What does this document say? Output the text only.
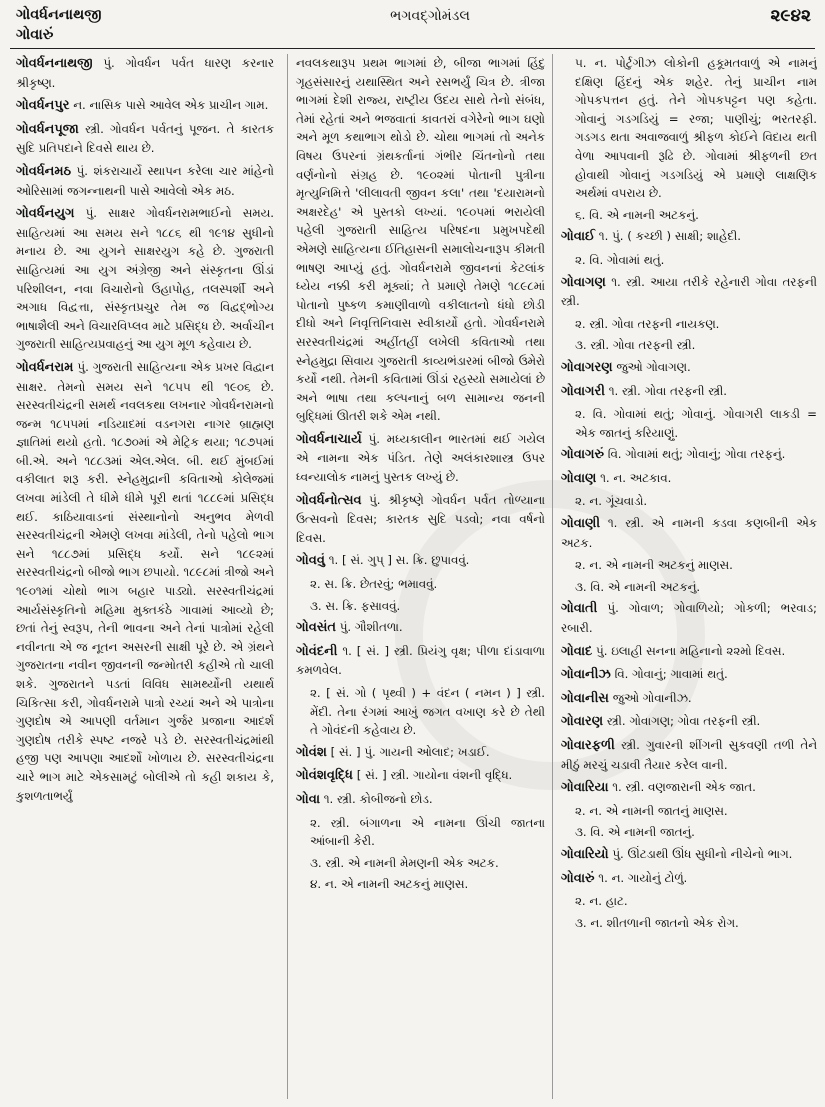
ગોવર્ધનનાથજી
ગોવારું
ભગવદ્ગોમંડલ	૨૯૪૨
ગોવર્ધનનાથજી પું. ગોવર્ધન પર્વત ધારણ કરનાર શ્રીકૃષ્ણ.
ગોવર્ધનપુર ન. નાસિક પાસે આવેલ એક પ્રાચીન ગામ.
ગોવર્ધનપૂજા સ્ત્રી. ગોવર્ધન પર્વતનું પૂજન. તે કારતક સુદિ પ્રતિપદાને દિવસે થાય છે.
ગોવર્ધનમઠ પું. શંકરાચાર્યે સ્થાપન કરેલા ચાર માંહેનો ઓરિસામાં જગન્નાથની પાસે આવેલો એક મઠ.
ગોવર્ધનયુગ પું. સાક્ષર ગોવર્ધનરામભાઈનો સમય. સાહિત્યમાં આ સમય સને ૧૮૮૬ થી ૧૯૧૪ સુધીનો મનાય છે. આ યુગને સાક્ષરયુગ કહે છે. ગુજરાતી સાહિત્યમાં આ યુગ અંગ્રેજી અને સંસ્કૃતના ઊંડાં પરિશીલન, નવા વિચારોનો ઉહાપોહ, તલસ્પર્શી અને અગાધ વિદ્વત્તા, સંસ્કૃતપ્રચુર તેમ જ વિદ્વદ્ભોગ્ય ભાષાશૈલી અને વિચારવિપ્લવ માટે પ્રસિદ્ધ છે. અર્વાચીન ગુજરાતી સાહિત્યપ્રવાહનું આ યુગ મૂળ કહેવાય છે.
ગોવર્ધનરામ પું. ગુજરાતી સાહિત્યના એક પ્રખર વિદ્વાન સાક્ષર. તેમનો સમય સને ૧૮૫૫ થી ૧૯૦૬ છે. સરસ્વતીચંદ્રની સમર્થ નવલકથા લખનાર ગોવર્ધનરામનો જન્મ ૧૮૫૫માં નડિયાદમાં વડનગરા નાગર બ્રાહ્મણ જ્ઞાતિમાં થયો હતો. ૧૮૭૦માં એ મેટ્રિક થયા; ૧૮૭૫માં બી.એ. અને ૧૮૮૩માં એલ.એલ. બી. થઈ મુંબઈમાં વકીલાત શરૂ કરી. સ્નેહમુદ્રાની કવિતાઓ કોલેજમાં લખવા માંડેલી તે ધીમે ધીમે પૂરી થતાં ૧૮૮૯માં પ્રસિદ્ધ થઈ. કાઠિયાવાડનાં સંસ્થાનોનો અનુભવ મેળવી સરસ્વતીચંદ્રની એમણે લખવા માંડેલી, તેનો પહેલો ભાગ સને ૧૮૮૭માં પ્રસિદ્ધ કર્યો. સને ૧૮૯૨માં સરસ્વતીચંદ્રનો બીજો ભાગ છપાયો. ૧૮૯૮માં ત્રીજો અને ૧૯૦૧માં ચોથો ભાગ બહાર પાડ્યો. સરસ્વતીચંદ્રમાં આર્યસંસ્કૃતિનો મહિમા મુક્તકંઠે ગાવામાં આવ્યો છે; છતાં તેનું સ્વરૂપ, તેની ભાવના અને તેનાં પાત્રોમાં રહેલી નવીનતા એ જ નૂતન અસરની સાક્ષી પૂરે છે. એ ગ્રંથને ગુજરાતના નવીન જીવનની જન્મોતરી કહીએ તો ચાલી શકે. ગુજરાતને પડતાં વિવિધ સામર્થ્યોની યથાર્થ ચિકિત્સા કરી, ગોવર્ધનરામે પાત્રો રચ્યાં અને એ પાત્રોના ગુણદોષ એ આપણી વર્તમાન ગુર્જર પ્રજાના આદર્શ ગુણદોષ તરીકે સ્પષ્ટ નજરે પડે છે. સરસ્વતીચંદ્રમાંથી હજી પણ આપણા આદર્શો ખોળાય છે. સરસ્વતીચંદ્રના ચારે ભાગ માટે એકસામટું બોલીએ તો કહી શકાય કે, કુશળતાભર્યું
નવલકથારૂપ પ્રથમ ભાગમાં છે, બીજા ભાગમાં હિંદુ ગૃહસંસારનું યથાસ્થિત અને રસભર્યું ચિત્ર છે. ત્રીજા ભાગમાં દેશી રાજ્ય, રાષ્ટ્રીય ઉદય સાથે તેનો સંબંધ, તેમાં રહેતાં અને ભજવાતાં કાવતરાં વગેરેનો ભાગ ઘણો અને મૂળ કથાભાગ થોડો છે. ચોથા ભાગમાં તો અનેક વિષય ઉપરનાં ગ્રંથકર્તાનાં ગંભીર ચિંતનોનો તથા વર્ણનોનો સંગ્રહ છે. ૧૯૦૨માં પોતાની પુત્રીના મૃત્યુનિમિત્તે 'લીલાવતી જીવન કલા' તથા 'દયારામનો અક્ષરદેહ' એ પુસ્તકો લખ્યાં. ૧૯૦૫માં ભરાયેલી પહેલી ગુજરાતી સાહિત્ય પરિષદના પ્રમુખપદેથી એમણે સાહિત્યના ઈતિહાસની સમાલોચનારૂપ કીમતી ભાષણ આપ્યું હતું. ગોવર્ધનરામે જીવનનાં કેટલાંક ધ્યેય નક્કી કરી મૂક્યાં; તે પ્રમાણે તેમણે ૧૮૯૮માં પોતાનો પુષ્કળ કમાણીવાળો વકીલાતનો ધંધો છોડી દીધો અને નિવૃત્તિનિવાસ સ્વીકાર્યો હતો. ગોવર્ધનરામે સરસ્વતીચંદ્રમાં અહીંતહીં લખેલી કવિતાઓ તથા સ્નેહમુદ્રા સિવાય ગુજરાતી કાવ્યભંડારમાં બીજો ઉમેરો કર્યો નથી. તેમની કવિતામાં ઊંડાં રહસ્યો સમાયેલાં છે અને ભાષા તથા કલ્પનાનું બળ સામાન્ય જનની બુદ્ધિમાં ઊતરી શકે એમ નથી.
ગોવર્ધનાચાર્ય પું. મધ્યકાલીન ભારતમાં થઈ ગયેલ એ નામના એક પંડિત. તેણે અલંકારશાસ્ત્ર ઉપર ધ્વન્યાલોક નામનું પુસ્તક લખ્યું છે.
ગોવર્ધનોત્સવ પું. શ્રીકૃષ્ણે ગોવર્ધન પર્વત તોળ્યાના ઉત્સવનો દિવસ; કારતક સુદિ પડવો; નવા વર્ષનો દિવસ.
ગોવવું ૧. [ સં. ગુપ્ ] સ. ક્રિ. છુપાવવું.
૨. સ. ક્રિ. છેતરવું; ભમાવવું.
૩. સ. ક્રિ. ફસાવવું.
ગોવસંત પું. ગૌશીતળા.
ગોવંદની ૧. [ સં. ] સ્ત્રી. પ્રિયંગુ વૃક્ષ; પીળા દાંડાવાળા કમળવેલ.
૨. [ સં. ગો ( પૃથ્વી ) + વંદન ( નમન ) ] સ્ત્રી. મેંદી. તેના રંગમાં આખું જગત વખાણ કરે છે તેથી તે ગોવંદની કહેવાય છે.
ગોવંશ [ સં. ] પું. ગાયની ઓલાદ; ખડાઈ.
ગોવંશવૃદ્ધિ [ સં. ] સ્ત્રી. ગાયોના વંશની વૃદ્ધિ.
ગોવા ૧. સ્ત્રી. કોબીજનો છોડ.
૨. સ્ત્રી. બંગાળના એ નામના ઊંચી જાતના આંબાની કેરી.
૩. સ્ત્રી. એ નામની મેમણની એક અટક.
૪. ન. એ નામની અટકનું માણસ.
૫. ન. પોર્ટુગીઝ લોકોની હકૂમતવાળું એ નામનું દક્ષિણ હિંદનું એક શહેર. તેનું પ્રાચીન નામ ગોપકપત્તન હતું. તેને ગોપકપટ્ટન પણ કહેતા. ગોવાનું ગડગડિયું = રજા; પાણીચું; ભરતરફી. ગડગડ થતા અવાજવાળું શ્રીફળ કોઈને વિદાય થતી વેળા આપવાની રૂઢિ છે. ગોવામાં શ્રીફળની છત હોવાથી ગોવાનું ગડગડિયું એ પ્રમાણે લાક્ષણિક અર્થમાં વપરાય છે.
૬. વિ. એ નામની અટકનું.
ગોવાઈ ૧. પું. ( કચ્છી ) સાક્ષી; શાહેદી.
૨. વિ. ગોવામાં થતું.
ગોવાગણ ૧. સ્ત્રી. આયા તરીકે રહેનારી ગોવા તરફની સ્ત્રી.
૨. સ્ત્રી. ગોવા તરફની નાયકણ.
૩. સ્ત્રી. ગોવા તરફની સ્ત્રી.
ગોવાગરણ જુઓ ગોવાગણ.
ગોવાગરી ૧. સ્ત્રી. ગોવા તરફની સ્ત્રી.
૨. વિ. ગોવામાં થતું; ગોવાનું. ગોવાગરી લાકડી = એક જાતનું કરિયાણું.
ગોવાગરું વિ. ગોવામાં થતું; ગોવાનું; ગોવા તરફનું.
ગોવાણ ૧. ન. અટકાવ.
૨. ન. ગૂંચવાડો.
ગોવાણી ૧. સ્ત્રી. એ નામની કડવા કણબીની એક અટક.
૨. ન. એ નામની અટકનું માણસ.
૩. વિ. એ નામની અટકનું.
ગોવાતી પું. ગોવાળ; ગોવાળિયો; ગોકળી; ભરવાડ; રબારી.
ગોવાદ પું. ઇલાહી સનના મહિનાનો ૨૨મો દિવસ.
ગોવાનીઝ વિ. ગોવાનું; ગાવામાં થતું.
ગોવાનીસ જુઓ ગોવાનીઝ.
ગોવારણ સ્ત્રી. ગોવાગણ; ગોવા તરફની સ્ત્રી.
ગોવારફળી સ્ત્રી. ગુવારની શીંગની સુકવણી તળી તેને મીઠું મરચું ચડાવી તૈયાર કરેલ વાની.
ગોવારિયા ૧. સ્ત્રી. વણજારાની એક જાત.
૨. ન. એ નામની જાતનું માણસ.
૩. વિ. એ નામની જાતનું.
ગોવારિયો પું. ઊંટડાથી ઊંધ સુધીનો નીચેનો ભાગ.
ગોવારું ૧. ન. ગાયોનું ટોળું.
૨. ન. હાટ.
૩. ન. શીતળાની જાતનો એક રોગ.
